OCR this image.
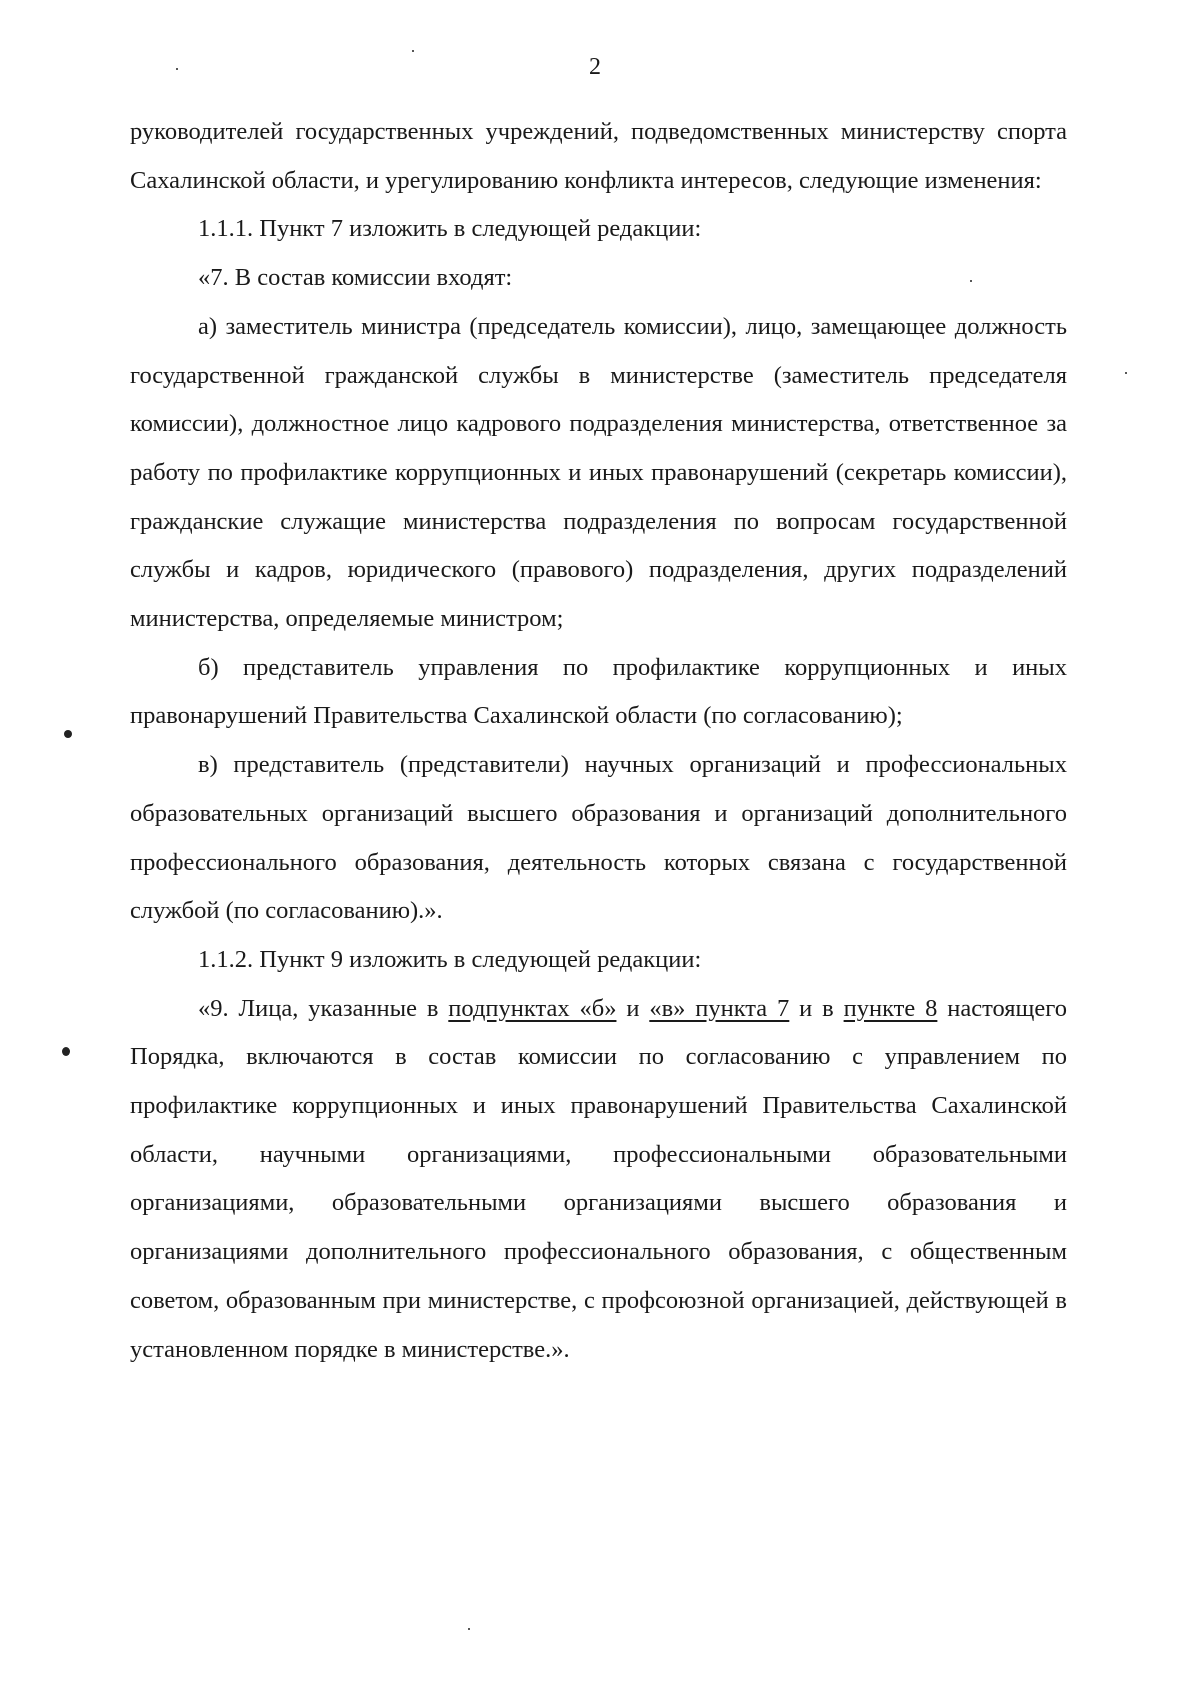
2

руководителей государственных учреждений, подведомственных министерству спорта Сахалинской области, и урегулированию конфликта интересов, следующие изменения:

1.1.1. Пункт 7 изложить в следующей редакции:

«7. В состав комиссии входят:

а) заместитель министра (председатель комиссии), лицо, замещающее должность государственной гражданской службы в министерстве (заместитель председателя комиссии), должностное лицо кадрового подразделения министерства, ответственное за работу по профилактике коррупционных и иных правонарушений (секретарь комиссии), гражданские служащие министерства подразделения по вопросам государственной службы и кадров, юридического (правового) подразделения, других подразделений министерства, определяемые министром;

б) представитель управления по профилактике коррупционных и иных правонарушений Правительства Сахалинской области (по согласованию);

в) представитель (представители) научных организаций и профессиональных образовательных организаций высшего образования и организаций дополнительного профессионального образования, деятельность которых связана с государственной службой (по согласованию).».

1.1.2. Пункт 9 изложить в следующей редакции:

«9. Лица, указанные в подпунктах «б» и «в» пункта 7 и в пункте 8 настоящего Порядка, включаются в состав комиссии по согласованию с управлением по профилактике коррупционных и иных правонарушений Правительства Сахалинской области, научными организациями, профессиональными образовательными организациями, образовательными организациями высшего образования и организациями дополнительного профессионального образования, с общественным советом, образованным при министерстве, с профсоюзной организацией, действующей в установленном порядке в министерстве.».
